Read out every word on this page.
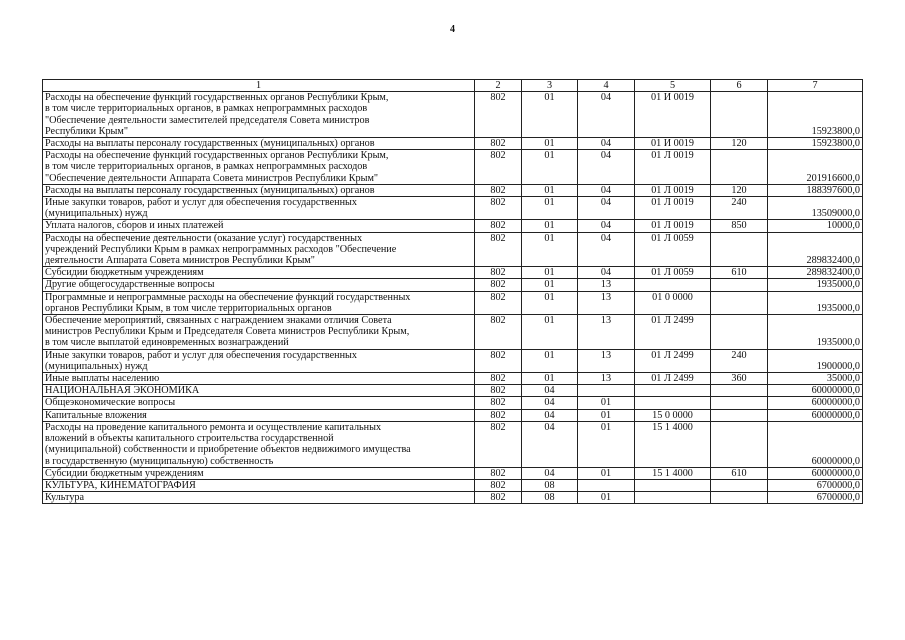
4
1	2	3	4	5	6	7

Расходы на обеспечение функций государственных органов Республики Крым,
в том числе территориальных органов, в рамках непрограммных расходов
"Обеспечение деятельности заместителей председателя Совета министров
Республики Крым"	802	01	04	01 И 0019		15923800,0

Расходы на выплаты персоналу государственных (муниципальных) органов	802	01	04	01 И 0019	120	15923800,0

Расходы на обеспечение функций государственных органов Республики Крым,
в том числе территориальных органов, в рамках непрограммных расходов
"Обеспечение деятельности Аппарата Совета министров Республики Крым"	802	01	04	01 Л 0019		201916600,0

Расходы на выплаты персоналу государственных (муниципальных) органов	802	01	04	01 Л 0019	120	188397600,0

Иные закупки товаров, работ и услуг для обеспечения государственных
(муниципальных) нужд	802	01	04	01 Л 0019	240	13509000,0

Уплата налогов, сборов и иных платежей	802	01	04	01 Л 0019	850	10000,0

Расходы на обеспечение деятельности (оказание услуг) государственных
учреждений Республики Крым в рамках непрограммных расходов "Обеспечение
деятельности Аппарата Совета министров Республики Крым"	802	01	04	01 Л 0059		289832400,0

Субсидии бюджетным учреждениям	802	01	04	01 Л 0059	610	289832400,0

Другие общегосударственные вопросы	802	01	13			1935000,0

Программные и непрограммные расходы на обеспечение функций государственных
органов Республики Крым, в том числе территориальных органов	802	01	13	01 0 0000		1935000,0

Обеспечение мероприятий, связанных с награждением знаками отличия Совета
министров Республики Крым и Председателя Совета министров Республики Крым,
в том числе выплатой единовременных вознаграждений	802	01	13	01 Л 2499		1935000,0

Иные закупки товаров, работ и услуг для обеспечения государственных
(муниципальных) нужд	802	01	13	01 Л 2499	240	1900000,0

Иные выплаты населению	802	01	13	01 Л 2499	360	35000,0

НАЦИОНАЛЬНАЯ ЭКОНОМИКА	802	04				60000000,0

Общеэкономические вопросы	802	04	01			60000000,0

Капитальные вложения	802	04	01	15 0 0000		60000000,0

Расходы на проведение капитального ремонта и осуществление капитальных
вложений в объекты капитального строительства государственной
(муниципальной) собственности и приобретение объектов недвижимого имущества
в государственную (муниципальную) собственность	802	04	01	15 1 4000		60000000,0

Субсидии бюджетным учреждениям	802	04	01	15 1 4000	610	60000000,0

КУЛЬТУРА, КИНЕМАТОГРАФИЯ	802	08				6700000,0

Культура	802	08	01			6700000,0
